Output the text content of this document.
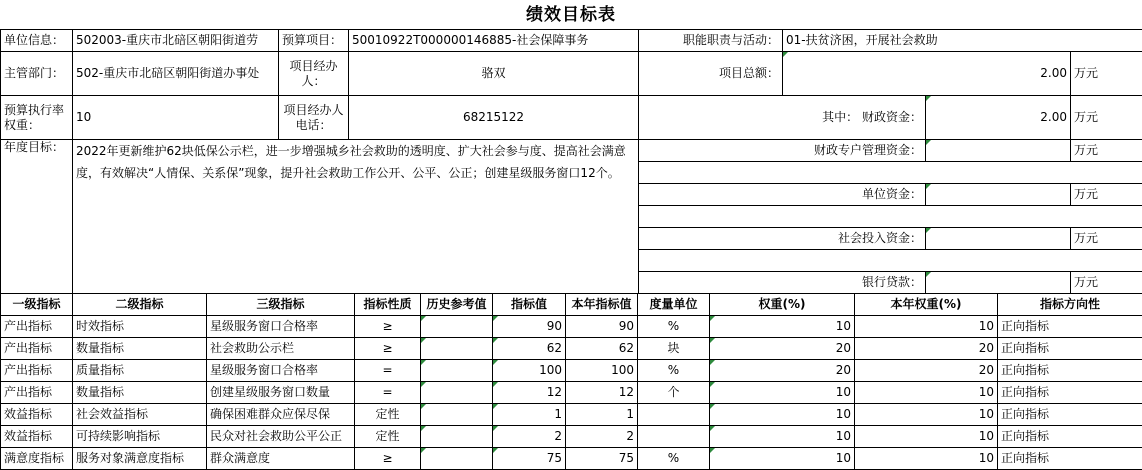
绩效目标表
单位信息：	502003-重庆市北碚区朝阳街道劳	预算项目：	50010922T000000146885-社会保障事务	职能职责与活动：	01-扶贫济困，开展社会救助		
主管部门：	502-重庆市北碚区朝阳街道办事处	项目经办人：	骆双	项目总额：	2.00		万元
预算执行率权重：	10	项目经办人电话：	68215122	其中： 财政资金：		2.00	万元
年度目标：	2022年更新维护62块低保公示栏，进一步增强城乡社会救助的透明度、扩大社会参与度、提高社会满意度，有效解决“人情保、关系保”现象，提升社会救助工作公开、公平、公正；创建星级服务窗口12个。			财政专户管理资金：			万元

				单位资金：			万元

				社会投入资金：			万元

				银行贷款：			万元
一级指标	二级指标	三级指标	指标性质	历史参考值	指标值	本年指标值	度量单位	权重(%)	本年权重(%)	指标方向性
产出指标	时效指标	星级服务窗口合格率	≥		90	90	%	10	10	正向指标
产出指标	数量指标	社会救助公示栏	≥		62	62	块	20	20	正向指标
产出指标	质量指标	星级服务窗口合格率	=		100	100	%	20	20	正向指标
产出指标	数量指标	创建星级服务窗口数量	=		12	12	个	10	10	正向指标
效益指标	社会效益指标	确保困难群众应保尽保	定性		1	1		10	10	正向指标
效益指标	可持续影响指标	民众对社会救助公平公正	定性		2	2		10	10	正向指标
满意度指标	服务对象满意度指标	群众满意度	≥		75	75	%	10	10	正向指标
